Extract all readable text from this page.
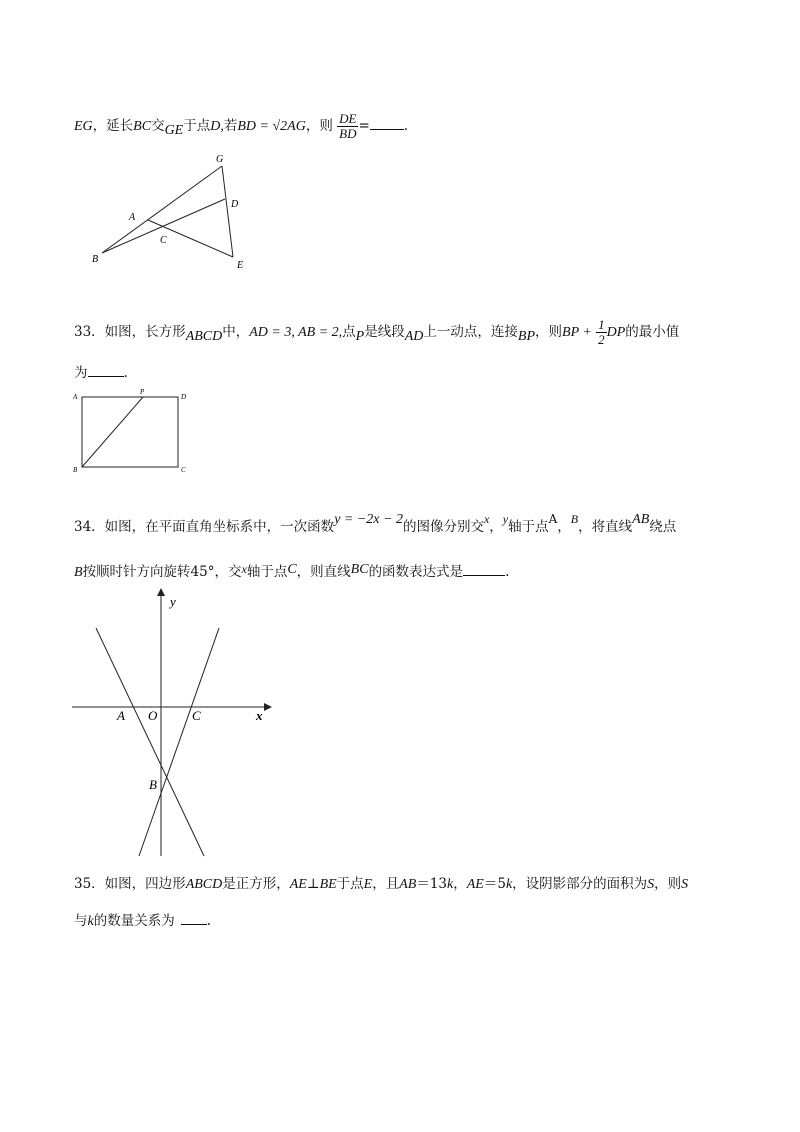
EG，延长BC交GE于点D,若BD = √2AG，则 $\frac{DE}{BD}$ =	.
G
D
A
C
B
E
33．如图，长方形ABCD中，AD = 3, AB = 2,点P是线段AD上一动点，连接BP，则BP + $\frac{1}{2}$ DP的最小值
为	.
A
P
D
B	C
34．如图，在平面直角坐标系中，一次函数y = −2x − 2的图像分别交x，y轴于点A，B，将直线AB绕点
B按顺时针方向旋转45°，交x轴于点C，则直线BC的函数表达式是	.
y
x
A O	C
B
35．如图，四边形ABCD是正方形，AE⊥BE于点E，且AB＝13k，AE＝5k，设阴影部分的面积为S，则S
与k的数量关系为 .
